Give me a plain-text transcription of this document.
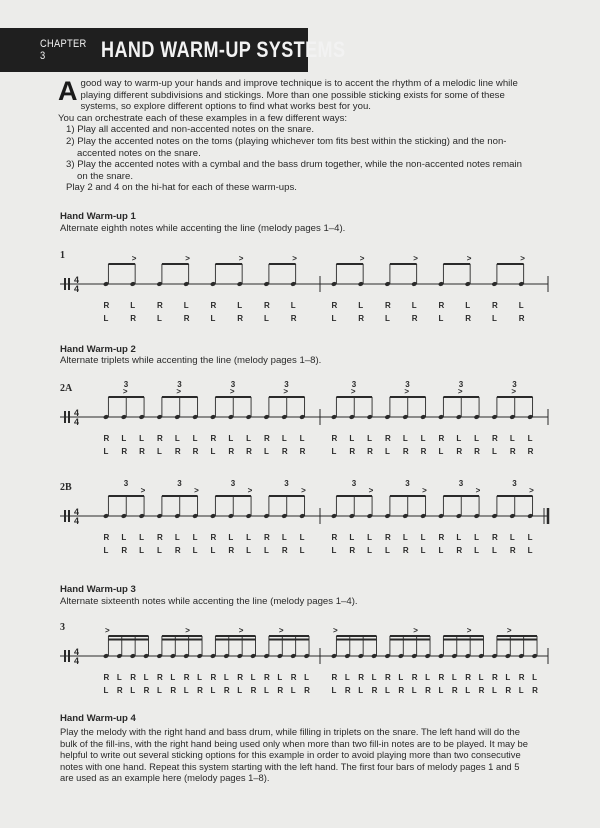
CHAPTER 3	HAND WARM-UP SYSTEMS
A good way to warm-up your hands and improve technique is to accent the rhythm of a melodic line while playing different subdivisions and stickings. More than one possible sticking exists for some of these systems, so explore different options to find what works best for you.

You can orchestrate each of these examples in a few different ways:

1) Play all accented and non-accented notes on the snare.
2) Play the accented notes on the toms (playing whichever tom fits best within the sticking) and the non-accented notes on the snare.
3) Play the accented notes with a cymbal and the bass drum together, while the non-accented notes remain on the snare.

Play 2 and 4 on the hi-hat for each of these warm-ups.

Hand Warm-up 1
Alternate eighth notes while accenting the line (melody pages 1–4).
1
4
4
R
L
>
L
R
R
L
>
L
R
R
L
>
L
R
R
L
>
L
R
R
L
>
L
R
R
L
>
L
R
R
L
>
L
R
R
L
>
L
R
Hand Warm-up 2
Alternate triplets while accenting the line (melody pages 1–8).
2A
4
4
R
L
>
L
R
L
R
3
R
L
>
L
R
L
R
3
R
L
>
L
R
L
R
3
R
L
>
L
R
L
R
3
R
L
>
L
R
L
R
3
R
L
>
L
R
L
R
3
R
L
>
L
R
L
R
3
R
L
>
L
R
L
R
3
2B
4
4
R
L
L
R
>
L
L
3
R
L
L
R
>
L
L
3
R
L
L
R
>
L
L
3
R
L
L
R
>
L
L
3
R
L
L
R
>
L
L
3
R
L
L
R
>
L
L
3
R
L
L
R
>
L
L
3
R
L
L
R
>
L
L
3
Hand Warm-up 3
Alternate sixteenth notes while accenting the line (melody pages 1–4).
3
4
4
>
R
L
L
R
R
L
L
R
R
L
L
R
>
R
L
L
R
R
L
L
R
>
R
L
L
R
R
L
>
L
R
R
L
L
R
>
R
L
L
R
R
L
L
R
R
L
L
R
>
R
L
L
R
R
L
L
R
>
R
L
L
R
R
L
>
L
R
R
L
L
R
Hand Warm-up 4
Play the melody with the right hand and bass drum, while filling in triplets on the snare. The left hand will do the bulk of the fill-ins, with the right hand being used only when more than two fill-in notes are to be played. It may be helpful to write out several sticking options for this example in order to avoid playing more than two consecutive notes with one hand. Repeat this system starting with the left hand. The first four bars of melody pages 1 and 5 are used as an example here (melody pages 1–8).
